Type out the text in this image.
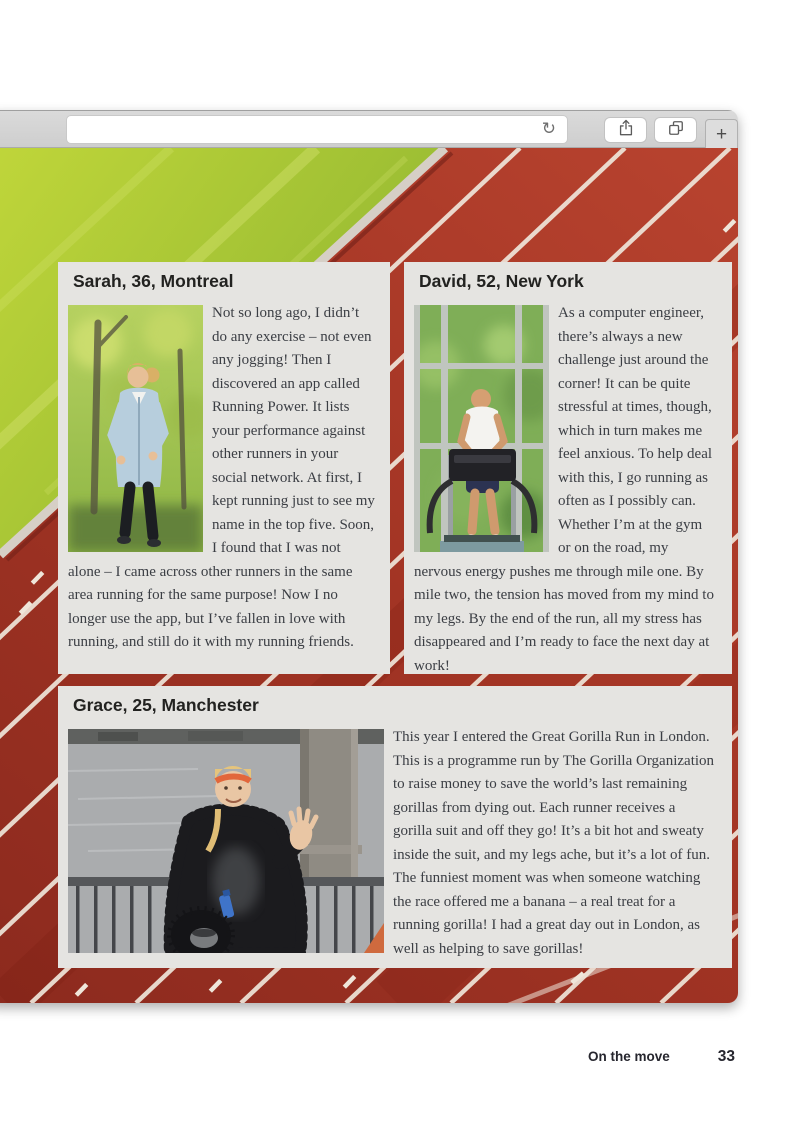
↻	+
Sarah, 36, Montreal

Not so long ago, I didn’t do any exercise – not even any jogging! Then I discovered an app called Running Power. It lists your performance against other runners in your social network. At first, I kept running just to see my name in the top five. Soon, I found that I was not alone – I came across other runners in the same area running for the same purpose! Now I no longer use the app, but I’ve fallen in love with running, and still do it with my running friends.

David, 52, New York

As a computer engineer, there’s always a new challenge just around the corner! It can be quite stressful at times, though, which in turn makes me feel anxious. To help deal with this, I go running as often as I possibly can. Whether I’m at the gym or on the road, my nervous energy pushes me through mile one. By mile two, the tension has moved from my mind to my legs. By the end of the run, all my stress has disappeared and I’m ready to face the next day at work!

Grace, 25, Manchester

This year I entered the Great Gorilla Run in London. This is a programme run by The Gorilla Organization to raise money to save the world’s last remaining gorillas from dying out. Each runner receives a gorilla suit and off they go! It’s a bit hot and sweaty inside the suit, and my legs ache, but it’s a lot of fun. The funniest moment was when someone watching the race offered me a banana – a real treat for a running gorilla! I had a great day out in London, as well as helping to save gorillas!

On the move	33
